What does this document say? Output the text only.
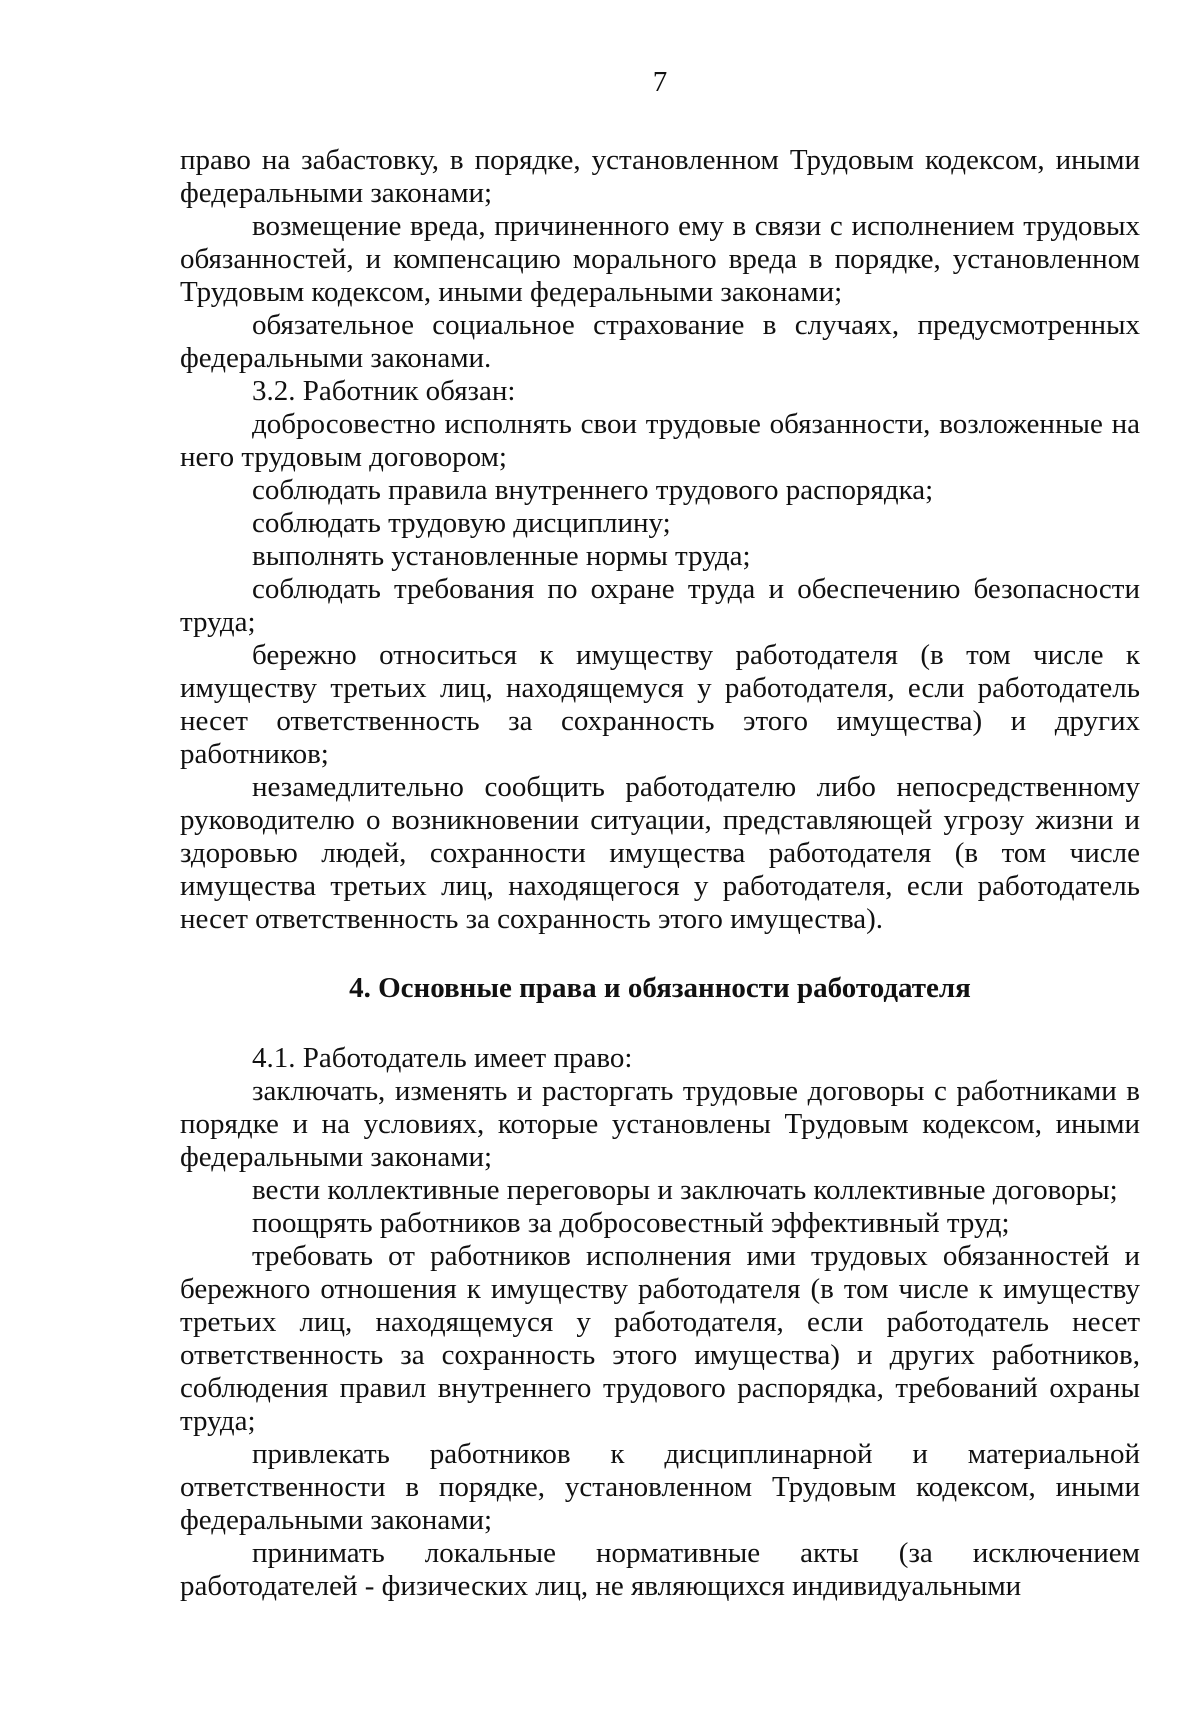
7

право на забастовку, в порядке, установленном Трудовым кодексом, иными федеральными законами;

возмещение вреда, причиненного ему в связи с исполнением трудовых обязанностей, и компенсацию морального вреда в порядке, установленном Трудовым кодексом, иными федеральными законами;

обязательное социальное страхование в случаях, предусмотренных федеральными законами.

3.2. Работник обязан:

добросовестно исполнять свои трудовые обязанности, возложенные на него трудовым договором;

соблюдать правила внутреннего трудового распорядка;

соблюдать трудовую дисциплину;

выполнять установленные нормы труда;

соблюдать требования по охране труда и обеспечению безопасности труда;

бережно относиться к имуществу работодателя (в том числе к имуществу третьих лиц, находящемуся у работодателя, если работодатель несет ответственность за сохранность этого имущества) и других работников;

незамедлительно сообщить работодателю либо непосредственному руководителю о возникновении ситуации, представляющей угрозу жизни и здоровью людей, сохранности имущества работодателя (в том числе имущества третьих лиц, находящегося у работодателя, если работодатель несет ответственность за сохранность этого имущества).

4. Основные права и обязанности работодателя

4.1. Работодатель имеет право:

заключать, изменять и расторгать трудовые договоры с работниками в порядке и на условиях, которые установлены Трудовым кодексом, иными федеральными законами;

вести коллективные переговоры и заключать коллективные договоры;

поощрять работников за добросовестный эффективный труд;

требовать от работников исполнения ими трудовых обязанностей и бережного отношения к имуществу работодателя (в том числе к имуществу третьих лиц, находящемуся у работодателя, если работодатель несет ответственность за сохранность этого имущества) и других работников, соблюдения правил внутреннего трудового распорядка, требований охраны труда;

привлекать работников к дисциплинарной и материальной ответственности в порядке, установленном Трудовым кодексом, иными федеральными законами;

принимать локальные нормативные акты (за исключением работодателей - физических лиц, не являющихся индивидуальными
